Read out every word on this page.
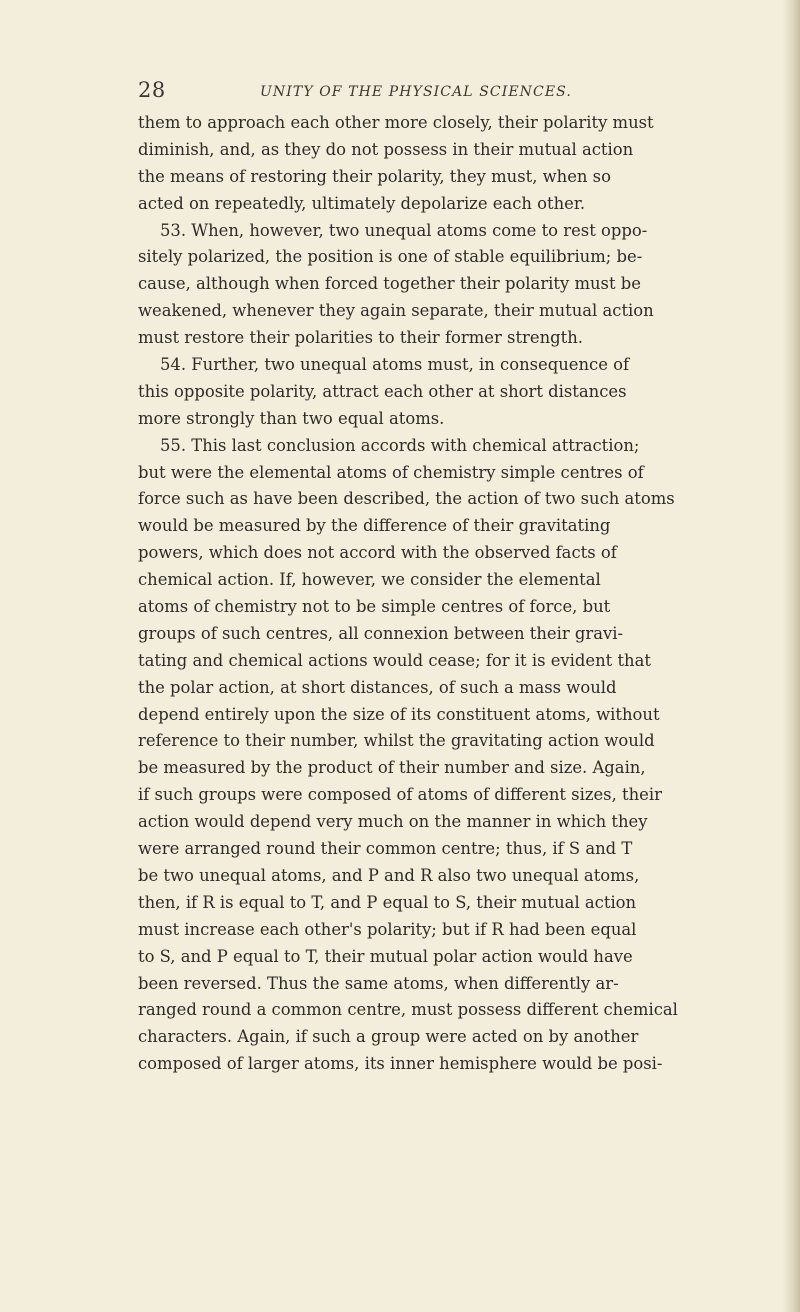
28	UNITY OF THE PHYSICAL SCIENCES.
them to approach each other more closely, their polarity must
diminish, and, as they do not possess in their mutual action
the means of restoring their polarity, they must, when so
acted on repeatedly, ultimately depolarize each other.
53. When, however, two unequal atoms come to rest oppo-
sitely polarized, the position is one of stable equilibrium; be-
cause, although when forced together their polarity must be
weakened, whenever they again separate, their mutual action
must restore their polarities to their former strength.
54. Further, two unequal atoms must, in consequence of
this opposite polarity, attract each other at short distances
more strongly than two equal atoms.
55. This last conclusion accords with chemical attraction;
but were the elemental atoms of chemistry simple centres of
force such as have been described, the action of two such atoms
would be measured by the difference of their gravitating
powers, which does not accord with the observed facts of
chemical action. If, however, we consider the elemental
atoms of chemistry not to be simple centres of force, but
groups of such centres, all connexion between their gravi-
tating and chemical actions would cease; for it is evident that
the polar action, at short distances, of such a mass would
depend entirely upon the size of its constituent atoms, without
reference to their number, whilst the gravitating action would
be measured by the product of their number and size. Again,
if such groups were composed of atoms of different sizes, their
action would depend very much on the manner in which they
were arranged round their common centre; thus, if S and T
be two unequal atoms, and P and R also two unequal atoms,
then, if R is equal to T, and P equal to S, their mutual action
must increase each other's polarity; but if R had been equal
to S, and P equal to T, their mutual polar action would have
been reversed. Thus the same atoms, when differently ar-
ranged round a common centre, must possess different chemical
characters. Again, if such a group were acted on by another
composed of larger atoms, its inner hemisphere would be posi-
